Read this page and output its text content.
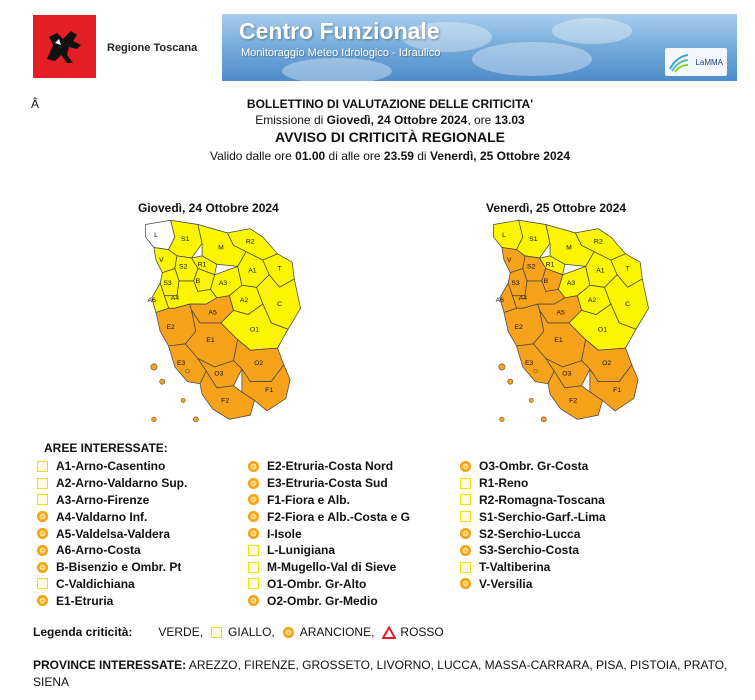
Regione Toscana
Centro Funzionale
Monitoraggio Meteo Idrologico - Idraulico
LaMMA
Â	BOLLETTINO DI VALUTAZIONE DELLE CRITICITA'
Emissione di Giovedì, 24 Ottobre 2024, ore 13.03
AVVISO DI CRITICITÀ REGIONALE
Valido dalle ore 01.00 di alle ore 23.59 di Venerdì, 25 Ottobre 2024
Giovedì, 24 Ottobre 2024
L
S1	R2
V
S2
S3
M
R1
B	A3
A1	T
A2
C
A4
A6
A5
O1
E2
E1
O2
E3
O3
F1
F2
Venerdì, 25 Ottobre 2024
L
S1	R2
V
S2
S3
M
R1
B	A3
A1	T
A2
C
A4
A6
A5
O1
E2
E1
O2
E3
O3
F1
F2
AREE INTERESSATE:
A1-Arno-Casentino
A2-Arno-Valdarno Sup.
A3-Arno-Firenze
A4-Valdarno Inf.
A5-Valdelsa-Valdera
A6-Arno-Costa
B-Bisenzio e Ombr. Pt
C-Valdichiana
E1-Etruria
E2-Etruria-Costa Nord
E3-Etruria-Costa Sud
F1-Fiora e Alb.
F2-Fiora e Alb.-Costa e G
I-Isole
L-Lunigiana
M-Mugello-Val di Sieve
O1-Ombr. Gr-Alto
O2-Ombr. Gr-Medio
O3-Ombr. Gr-Costa
R1-Reno
R2-Romagna-Toscana
S1-Serchio-Garf.-Lima
S2-Serchio-Lucca
S3-Serchio-Costa
T-Valtiberina
V-Versilia
Legenda criticità: VERDE, GIALLO, ARANCIONE, ROSSO
PROVINCE INTERESSATE: AREZZO, FIRENZE, GROSSETO, LIVORNO, LUCCA, MASSA-CARRARA, PISA, PISTOIA, PRATO, SIENA
